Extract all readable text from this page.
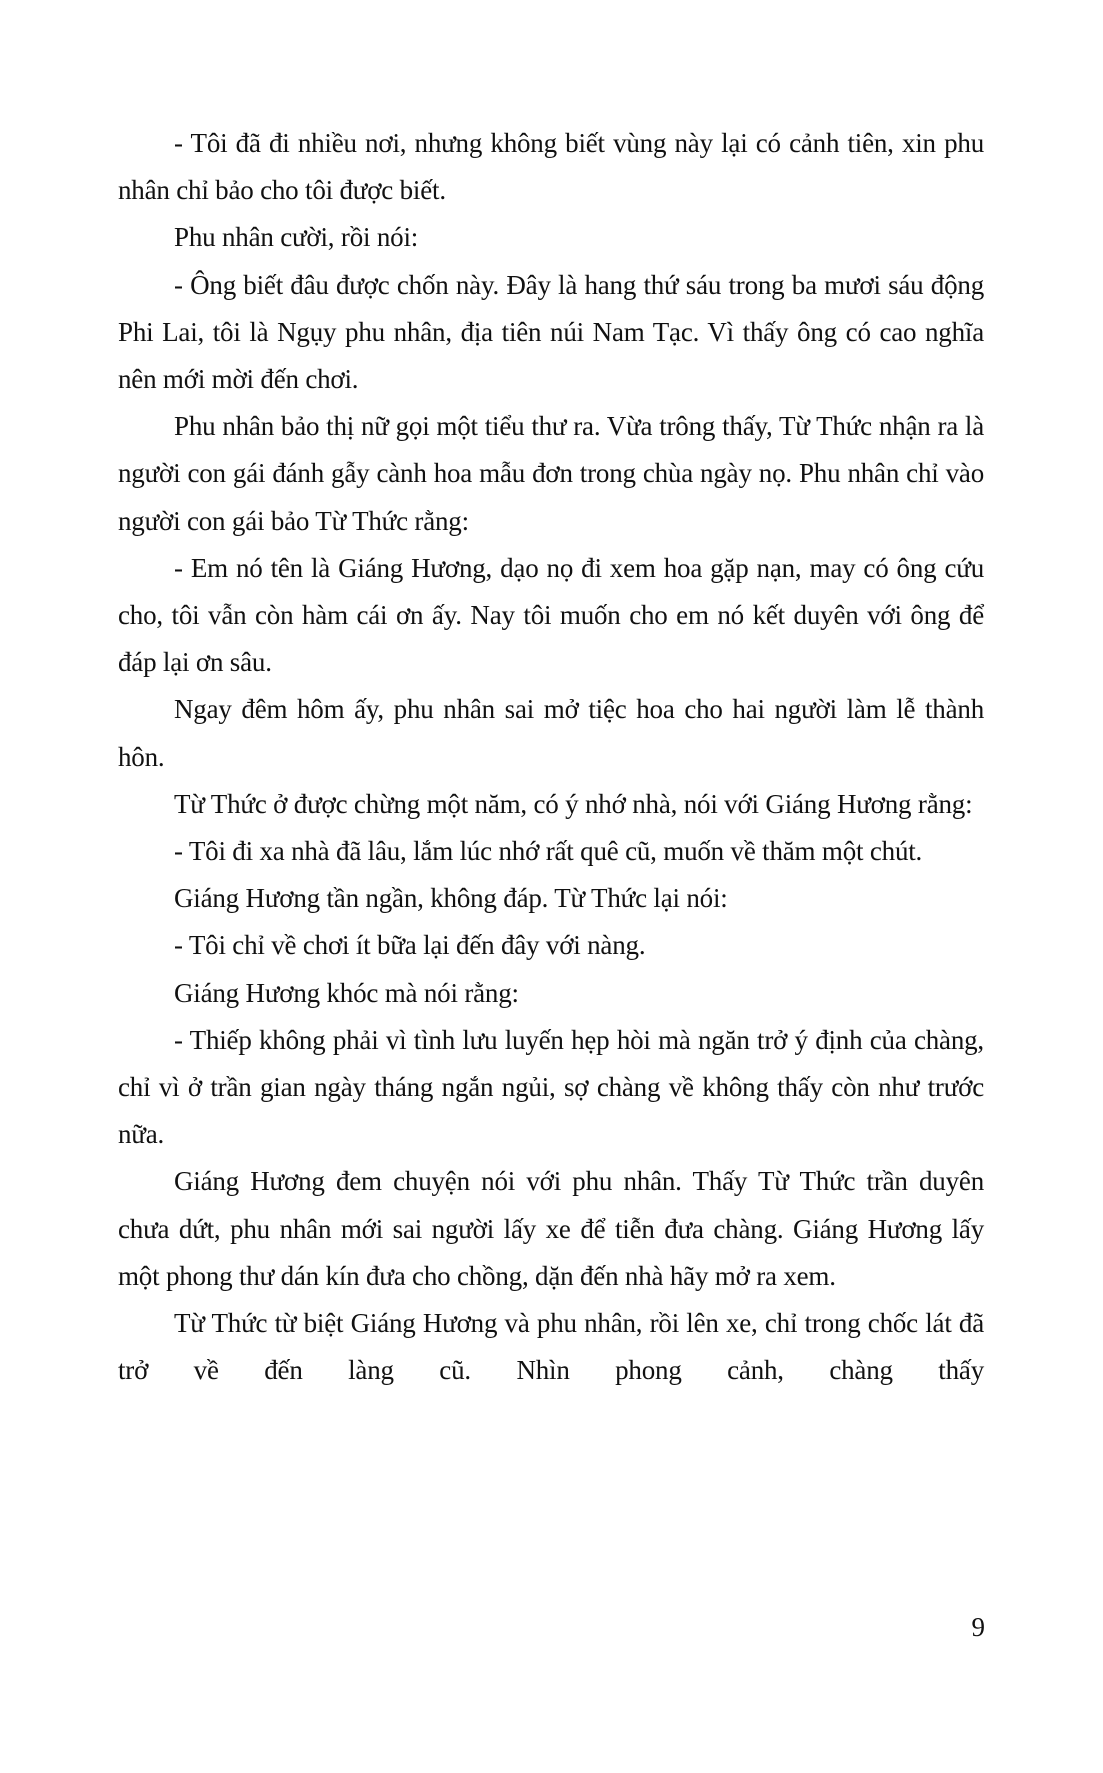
- Tôi đã đi nhiều nơi, nhưng không biết vùng này lại có cảnh tiên, xin phu nhân chỉ bảo cho tôi được biết.

Phu nhân cười, rồi nói:

- Ông biết đâu được chốn này. Đây là hang thứ sáu trong ba mươi sáu động Phi Lai, tôi là Ngụy phu nhân, địa tiên núi Nam Tạc. Vì thấy ông có cao nghĩa nên mới mời đến chơi.

Phu nhân bảo thị nữ gọi một tiểu thư ra. Vừa trông thấy, Từ Thức nhận ra là người con gái đánh gẫy cành hoa mẫu đơn trong chùa ngày nọ. Phu nhân chỉ vào người con gái bảo Từ Thức rằng:

- Em nó tên là Giáng Hương, dạo nọ đi xem hoa gặp nạn, may có ông cứu cho, tôi vẫn còn hàm cái ơn ấy. Nay tôi muốn cho em nó kết duyên với ông để đáp lại ơn sâu.

Ngay đêm hôm ấy, phu nhân sai mở tiệc hoa cho hai người làm lễ thành hôn.

Từ Thức ở được chừng một năm, có ý nhớ nhà, nói với Giáng Hương rằng:

- Tôi đi xa nhà đã lâu, lắm lúc nhớ rất quê cũ, muốn về thăm một chút.

Giáng Hương tần ngần, không đáp. Từ Thức lại nói:

- Tôi chỉ về chơi ít bữa lại đến đây với nàng.

Giáng Hương khóc mà nói rằng:

- Thiếp không phải vì tình lưu luyến hẹp hòi mà ngăn trở ý định của chàng, chỉ vì ở trần gian ngày tháng ngắn ngủi, sợ chàng về không thấy còn như trước nữa.

Giáng Hương đem chuyện nói với phu nhân. Thấy Từ Thức trần duyên chưa dứt, phu nhân mới sai người lấy xe để tiễn đưa chàng. Giáng Hương lấy một phong thư dán kín đưa cho chồng, dặn đến nhà hãy mở ra xem.

Từ Thức từ biệt Giáng Hương và phu nhân, rồi lên xe, chỉ trong chốc lát đã trở về đến làng cũ. Nhìn phong cảnh, chàng thấy

9
